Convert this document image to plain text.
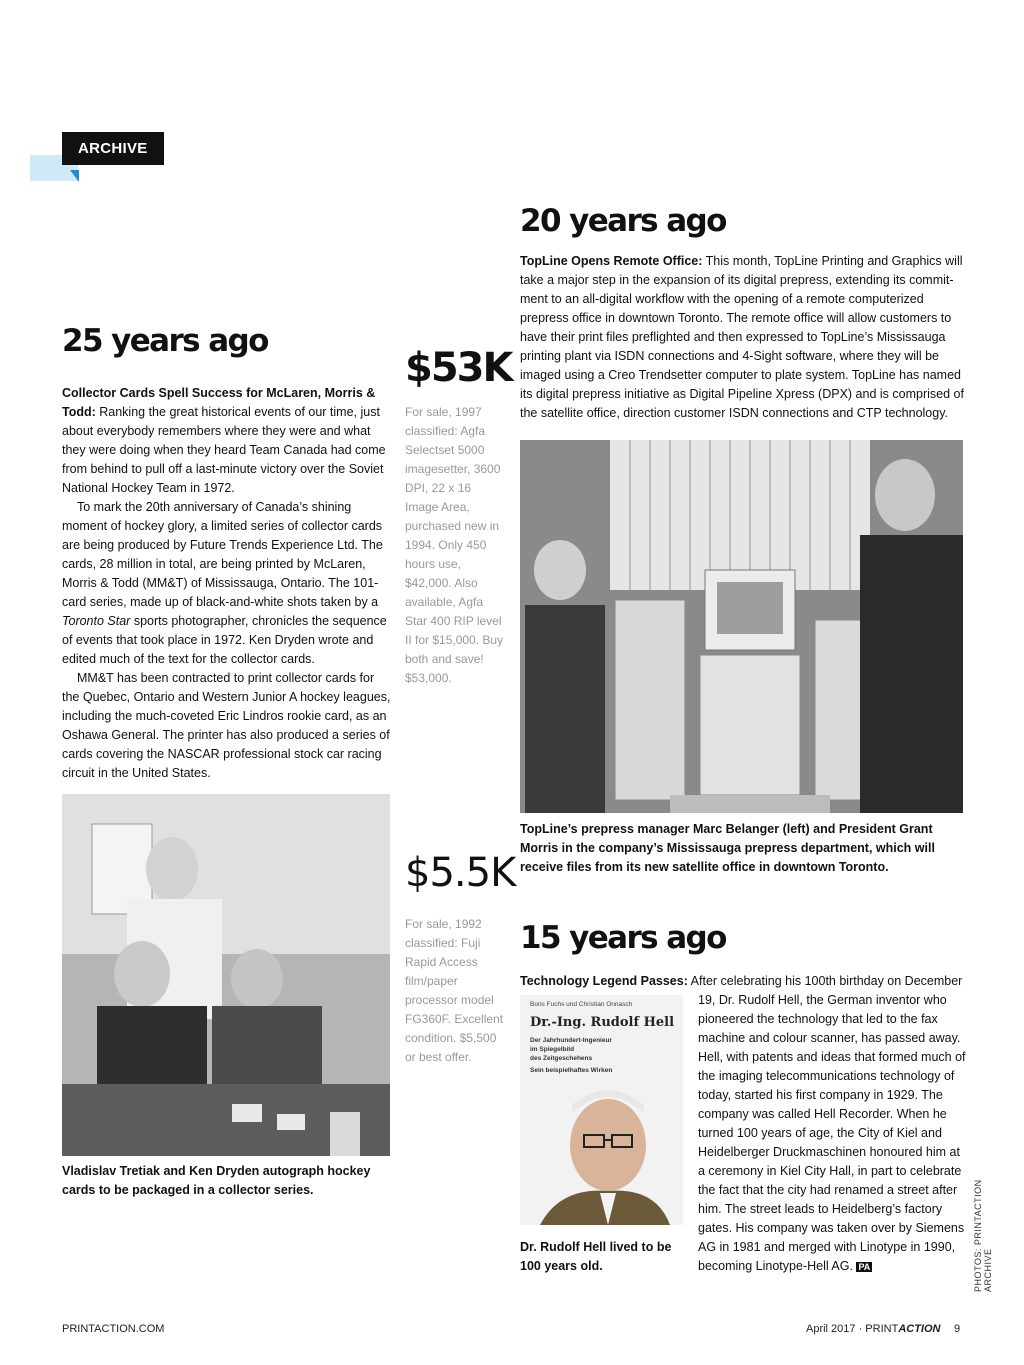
ARCHIVE
20 years ago
TopLine Opens Remote Office: This month, TopLine Printing and Graphics will take a major step in the expansion of its digital prepress, extending its commit-ment to an all-digital workflow with the opening of a remote computerized prepress office in downtown Toronto. The remote office will allow customers to have their print files preflighted and then expressed to TopLine’s Mississauga printing plant via ISDN connections and 4-Sight software, where they will be imaged using a Creo Trendsetter computer to plate system. TopLine has named its digital prepress initiative as Digital Pipeline Xpress (DPX) and is comprised of the satellite office, direction customer ISDN connections and CTP technology.
TopLine’s prepress manager Marc Belanger (left) and President Grant Morris in the company’s Mississauga prepress department, which will receive files from its new satellite office in downtown Toronto.
25 years ago

Collector Cards Spell Success for McLaren, Morris & Todd: Ranking the great historical events of our time, just about everybody remembers where they were and what they were doing when they heard Team Canada had come from behind to pull off a last-minute victory over the Soviet National Hockey Team in 1972.

To mark the 20th anniversary of Canada’s shining moment of hockey glory, a limited series of collector cards are being produced by Future Trends Experience Ltd. The cards, 28 million in total, are being printed by McLaren, Morris & Todd (MM&T) of Mississauga, Ontario. The 101-card series, made up of black-and-white shots taken by a Toronto Star sports photographer, chronicles the sequence of events that took place in 1972. Ken Dryden wrote and edited much of the text for the collector cards.

MM&T has been contracted to print collector cards for the Quebec, Ontario and Western Junior A hockey leagues, including the much-coveted Eric Lindros rookie card, as an Oshawa General. The printer has also produced a series of cards covering the NASCAR professional stock car racing circuit in the United States.

Vladislav Tretiak and Ken Dryden autograph hockey cards to be packaged in a collector series.
$53K
For sale, 1997 classified: Agfa Selectset 5000 imagesetter, 3600 DPI, 22 x 16 Image Area, purchased new in 1994. Only 450 hours use, $42,000. Also available, Agfa Star 400 RIP level II for $15,000. Buy both and save! $53,000.
$5.5K
For sale, 1992 classified: Fuji Rapid Access film/paper processor model FG360F. Excellent condition. $5,500 or best offer.
15 years ago
Technology Legend Passes: After celebrating his 100th birthday on December
19, Dr. Rudolf Hell, the German inventor who pioneered the technology that led to the fax machine and colour scanner, has passed away. Hell, with patents and ideas that formed much of the imaging telecommunications technology of today, started his first company in 1929. The company was called Hell Recorder. When he turned 100 years of age, the City of Kiel and Heidelberger Druckmaschinen honoured him at a ceremony in Kiel City Hall, in part to celebrate the fact that the city had renamed a street after him. The street leads to Heidelberg’s factory gates. His company was taken over by Siemens AG in 1981 and merged with Linotype in 1990, becoming Linotype-Hell AG. PA
Boris Fuchs und Christian Onnasch
Dr.-Ing. Rudolf Hell
Der Jahrhundert-Ingenieur
im Spiegelbild
des Zeitgeschehens
Sein beispielhaftes Wirken
Dr. Rudolf Hell lived to be 100 years old.	PHOTOS: PRINTACTION ARCHIVE
PRINTACTION.COM	April 2017 · PRINTACTION 9
